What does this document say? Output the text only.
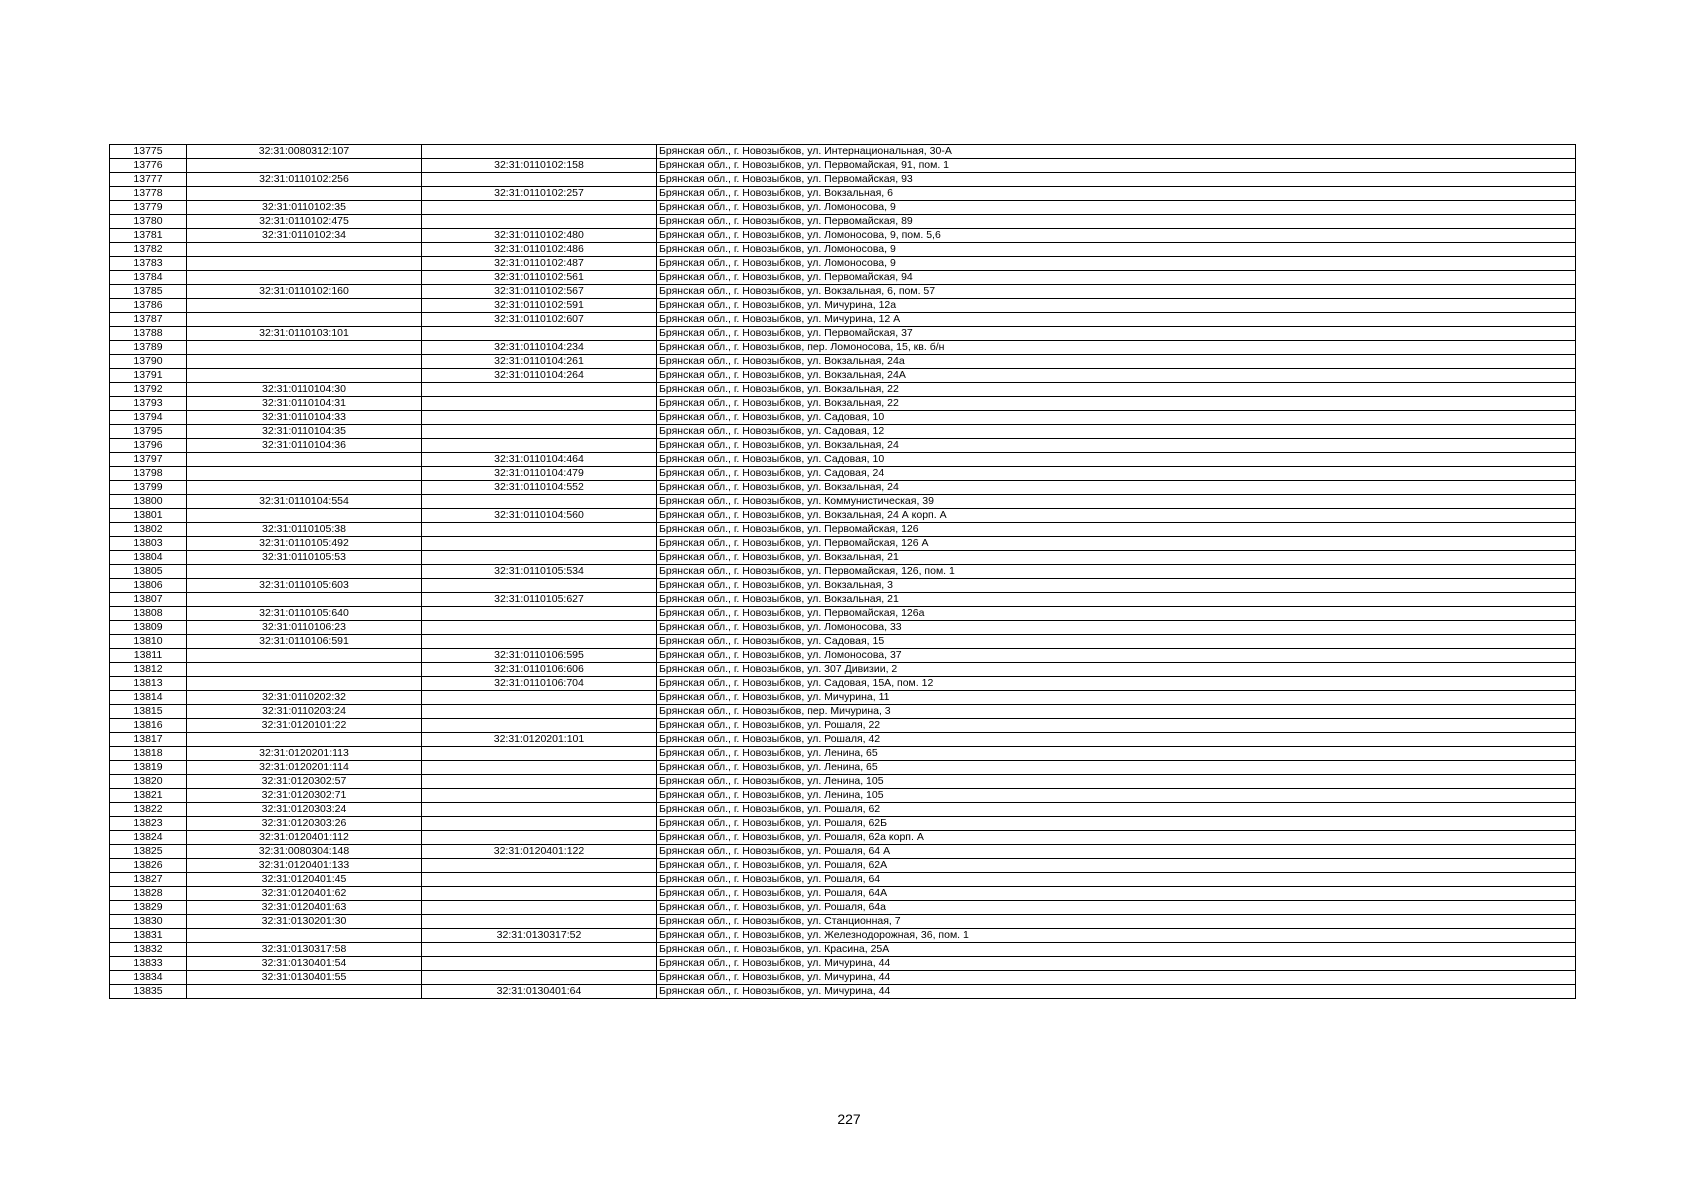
13775	32:31:0080312:107		Брянская обл., г. Новозыбков, ул. Интернациональная, 30-А
13776		32:31:0110102:158	Брянская обл., г. Новозыбков, ул. Первомайская, 91, пом. 1
13777	32:31:0110102:256		Брянская обл., г. Новозыбков, ул. Первомайская, 93
13778		32:31:0110102:257	Брянская обл., г. Новозыбков, ул. Вокзальная, 6
13779	32:31:0110102:35		Брянская обл., г. Новозыбков, ул. Ломоносова, 9
13780	32:31:0110102:475		Брянская обл., г. Новозыбков, ул. Первомайская, 89
13781	32:31:0110102:34	32:31:0110102:480	Брянская обл., г. Новозыбков, ул. Ломоносова, 9, пом. 5,6
13782		32:31:0110102:486	Брянская обл., г. Новозыбков, ул. Ломоносова, 9
13783		32:31:0110102:487	Брянская обл., г. Новозыбков, ул. Ломоносова, 9
13784		32:31:0110102:561	Брянская обл., г. Новозыбков, ул. Первомайская, 94
13785	32:31:0110102:160	32:31:0110102:567	Брянская обл., г. Новозыбков, ул. Вокзальная, 6, пом. 57
13786		32:31:0110102:591	Брянская обл., г. Новозыбков, ул. Мичурина, 12а
13787		32:31:0110102:607	Брянская обл., г. Новозыбков, ул. Мичурина, 12 А
13788	32:31:0110103:101		Брянская обл., г. Новозыбков, ул. Первомайская, 37
13789		32:31:0110104:234	Брянская обл., г. Новозыбков, пер. Ломоносова, 15, кв. б/н
13790		32:31:0110104:261	Брянская обл., г. Новозыбков, ул. Вокзальная, 24а
13791		32:31:0110104:264	Брянская обл., г. Новозыбков, ул. Вокзальная, 24А
13792	32:31:0110104:30		Брянская обл., г. Новозыбков, ул. Вокзальная, 22
13793	32:31:0110104:31		Брянская обл., г. Новозыбков, ул. Вокзальная, 22
13794	32:31:0110104:33		Брянская обл., г. Новозыбков, ул. Садовая, 10
13795	32:31:0110104:35		Брянская обл., г. Новозыбков, ул. Садовая, 12
13796	32:31:0110104:36		Брянская обл., г. Новозыбков, ул. Вокзальная, 24
13797		32:31:0110104:464	Брянская обл., г. Новозыбков, ул. Садовая, 10
13798		32:31:0110104:479	Брянская обл., г. Новозыбков, ул. Садовая, 24
13799		32:31:0110104:552	Брянская обл., г. Новозыбков, ул. Вокзальная, 24
13800	32:31:0110104:554		Брянская обл., г. Новозыбков, ул. Коммунистическая, 39
13801		32:31:0110104:560	Брянская обл., г. Новозыбков, ул. Вокзальная, 24 А корп. А
13802	32:31:0110105:38		Брянская обл., г. Новозыбков, ул. Первомайская, 126
13803	32:31:0110105:492		Брянская обл., г. Новозыбков, ул. Первомайская, 126 А
13804	32:31:0110105:53		Брянская обл., г. Новозыбков, ул. Вокзальная, 21
13805		32:31:0110105:534	Брянская обл., г. Новозыбков, ул. Первомайская, 126, пом. 1
13806	32:31:0110105:603		Брянская обл., г. Новозыбков, ул. Вокзальная, 3
13807		32:31:0110105:627	Брянская обл., г. Новозыбков, ул. Вокзальная, 21
13808	32:31:0110105:640		Брянская обл., г. Новозыбков, ул. Первомайская, 126а
13809	32:31:0110106:23		Брянская обл., г. Новозыбков, ул. Ломоносова, 33
13810	32:31:0110106:591		Брянская обл., г. Новозыбков, ул. Садовая, 15
13811		32:31:0110106:595	Брянская обл., г. Новозыбков, ул. Ломоносова, 37
13812		32:31:0110106:606	Брянская обл., г. Новозыбков, ул. 307 Дивизии, 2
13813		32:31:0110106:704	Брянская обл., г. Новозыбков, ул. Садовая, 15А, пом. 12
13814	32:31:0110202:32		Брянская обл., г. Новозыбков, ул. Мичурина, 11
13815	32:31:0110203:24		Брянская обл., г. Новозыбков, пер. Мичурина, 3
13816	32:31:0120101:22		Брянская обл., г. Новозыбков, ул. Рошаля, 22
13817		32:31:0120201:101	Брянская обл., г. Новозыбков, ул. Рошаля, 42
13818	32:31:0120201:113		Брянская обл., г. Новозыбков, ул. Ленина, 65
13819	32:31:0120201:114		Брянская обл., г. Новозыбков, ул. Ленина, 65
13820	32:31:0120302:57		Брянская обл., г. Новозыбков, ул. Ленина, 105
13821	32:31:0120302:71		Брянская обл., г. Новозыбков, ул. Ленина, 105
13822	32:31:0120303:24		Брянская обл., г. Новозыбков, ул. Рошаля, 62
13823	32:31:0120303:26		Брянская обл., г. Новозыбков, ул. Рошаля, 62Б
13824	32:31:0120401:112		Брянская обл., г. Новозыбков, ул. Рошаля, 62а корп. А
13825	32:31:0080304:148	32:31:0120401:122	Брянская обл., г. Новозыбков, ул. Рошаля, 64 А
13826	32:31:0120401:133		Брянская обл., г. Новозыбков, ул. Рошаля, 62А
13827	32:31:0120401:45		Брянская обл., г. Новозыбков, ул. Рошаля, 64
13828	32:31:0120401:62		Брянская обл., г. Новозыбков, ул. Рошаля, 64А
13829	32:31:0120401:63		Брянская обл., г. Новозыбков, ул. Рошаля, 64а
13830	32:31:0130201:30		Брянская обл., г. Новозыбков, ул. Станционная, 7
13831		32:31:0130317:52	Брянская обл., г. Новозыбков, ул. Железнодорожная, 36, пом. 1
13832	32:31:0130317:58		Брянская обл., г. Новозыбков, ул. Красина, 25А
13833	32:31:0130401:54		Брянская обл., г. Новозыбков, ул. Мичурина, 44
13834	32:31:0130401:55		Брянская обл., г. Новозыбков, ул. Мичурина, 44
13835		32:31:0130401:64	Брянская обл., г. Новозыбков, ул. Мичурина, 44
227
